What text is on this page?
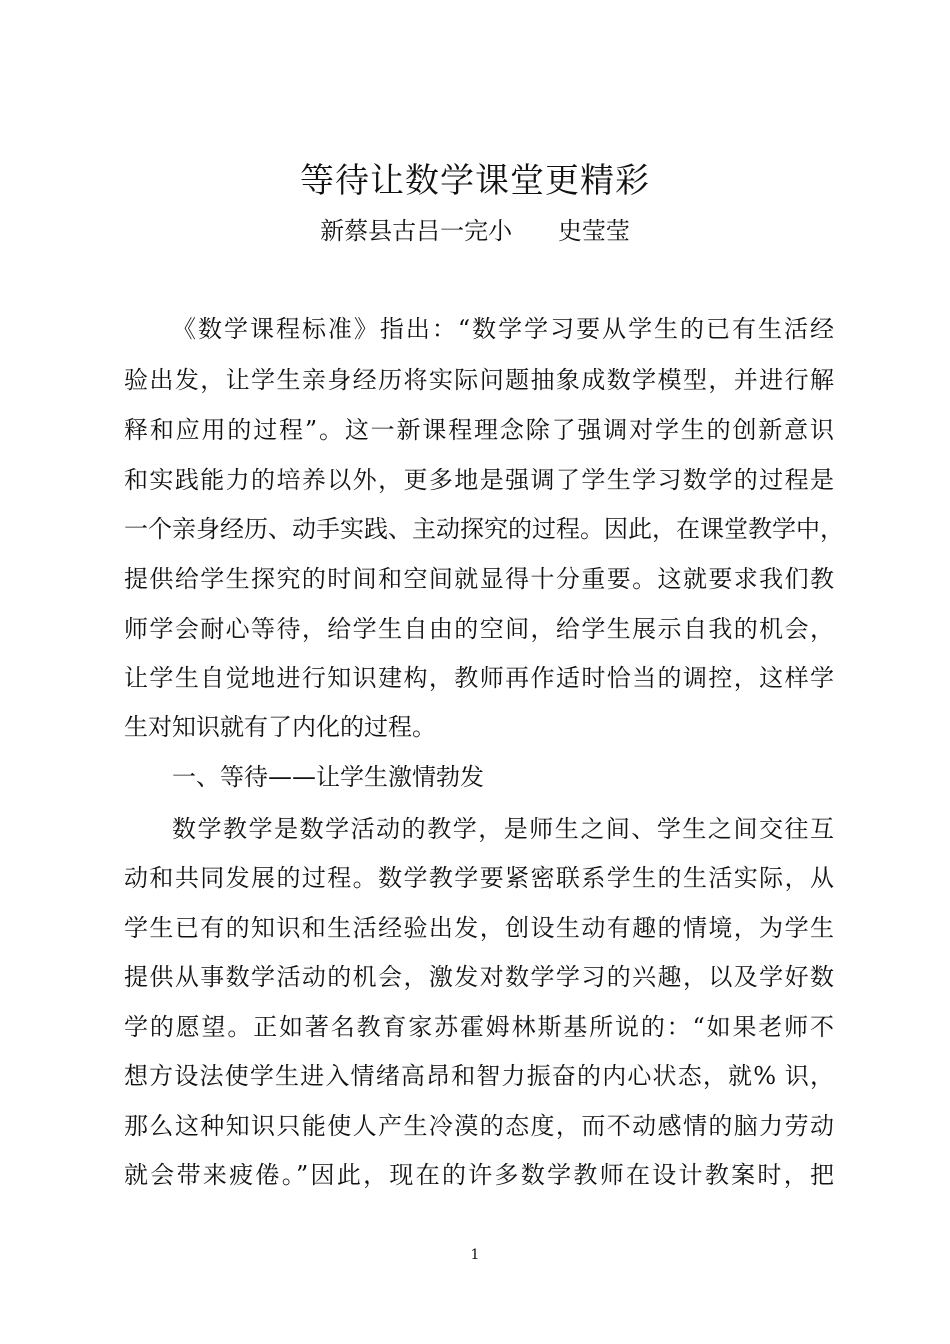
等待让数学课堂更精彩
新蔡县古吕一完小      史莹莹
《数学课程标准》指出：“数学学习要从学生的已有生活经
验出发，让学生亲身经历将实际问题抽象成数学模型，并进行解
释和应用的过程”。这一新课程理念除了强调对学生的创新意识
和实践能力的培养以外，更多地是强调了学生学习数学的过程是
一个亲身经历、动手实践、主动探究的过程。因此，在课堂教学中，
提供给学生探究的时间和空间就显得十分重要。这就要求我们教
师学会耐心等待，给学生自由的空间，给学生展示自我的机会，
让学生自觉地进行知识建构，教师再作适时恰当的调控，这样学
生对知识就有了内化的过程。
一、等待——让学生激情勃发
数学教学是数学活动的教学，是师生之间、学生之间交往互
动和共同发展的过程。数学教学要紧密联系学生的生活实际，从
学生已有的知识和生活经验出发，创设生动有趣的情境，为学生
提供从事数学活动的机会，激发对数学学习的兴趣，以及学好数
学的愿望。正如著名教育家苏霍姆林斯基所说的：“如果老师不
想方设法使学生进入情绪高昂和智力振奋的内心状态，就% 识，
那么这种知识只能使人产生冷漠的态度，而不动感情的脑力劳动
就会带来疲倦。”因此，现在的许多数学教师在设计教案时，把
1
